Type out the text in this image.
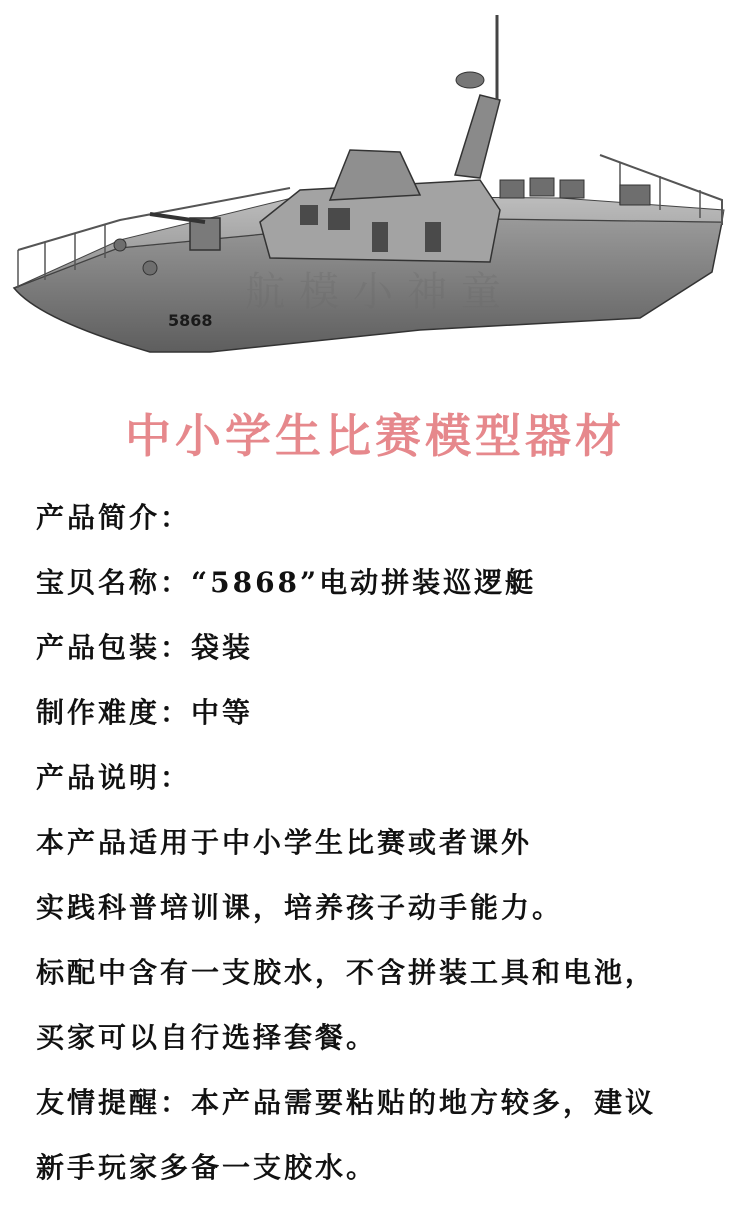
5868
航模小神童
中小学生比赛模型器材
产品简介：
宝贝名称：“5868”电动拼装巡逻艇
产品包装：袋装
制作难度：中等
产品说明：
本产品适用于中小学生比赛或者课外
实践科普培训课，培养孩子动手能力。
标配中含有一支胶水，不含拼装工具和电池，
买家可以自行选择套餐。
友情提醒：本产品需要粘贴的地方较多，建议
新手玩家多备一支胶水。
